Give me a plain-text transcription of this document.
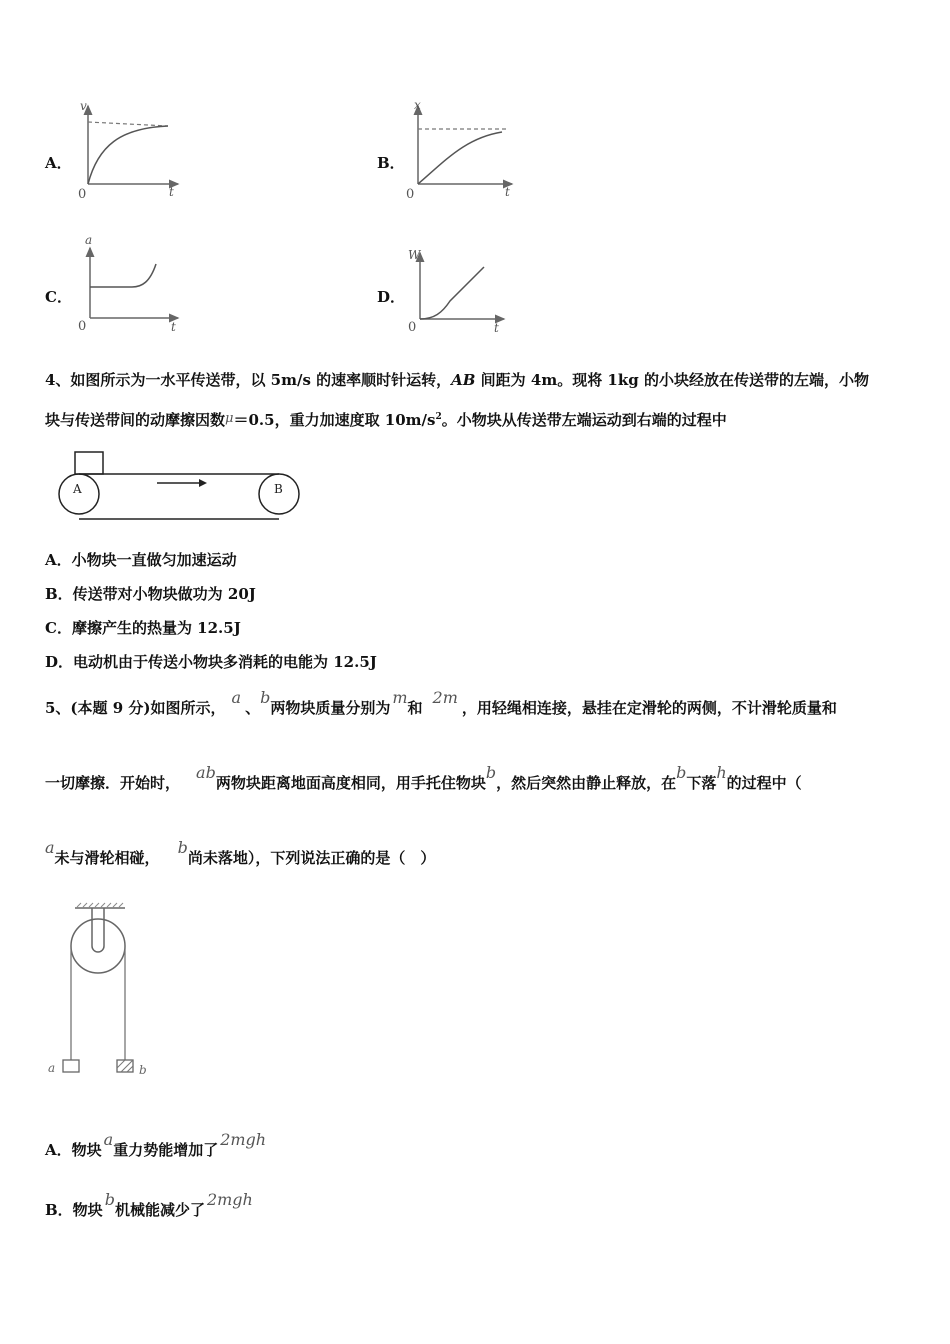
A．
v
t
0
B．
x
t
0
C．
a
t
0
D．
W
t
0
4、如图所示为一水平传送带，以 5m/s 的速率顺时针运转，AB 间距为 4m。现将 1kg 的小块经放在传送带的左端，小物
块与传送带间的动摩擦因数μ＝0.5，重力加速度取 $10m/s^2$。小物块从传送带左端运动到右端的过程中
A	B
A．小物块一直做匀加速运动
B．传送带对小物块做功为 20J
C．摩擦产生的热量为 12.5J
D．电动机由于传送小物块多消耗的电能为 12.5J
5、(本题 9 分)如图所示，a、b两物块质量分别为m和2m，用轻绳相连接，悬挂在定滑轮的两侧，不计滑轮质量和
一切摩擦．开始时，ab两物块距离地面高度相同，用手托住物块b，然后突然由静止释放，在b下落h的过程中（
a未与滑轮相碰，b尚未落地），下列说法正确的是（　）
a	b
A．物块a重力势能增加了2mgh
B．物块b机械能减少了2mgh
